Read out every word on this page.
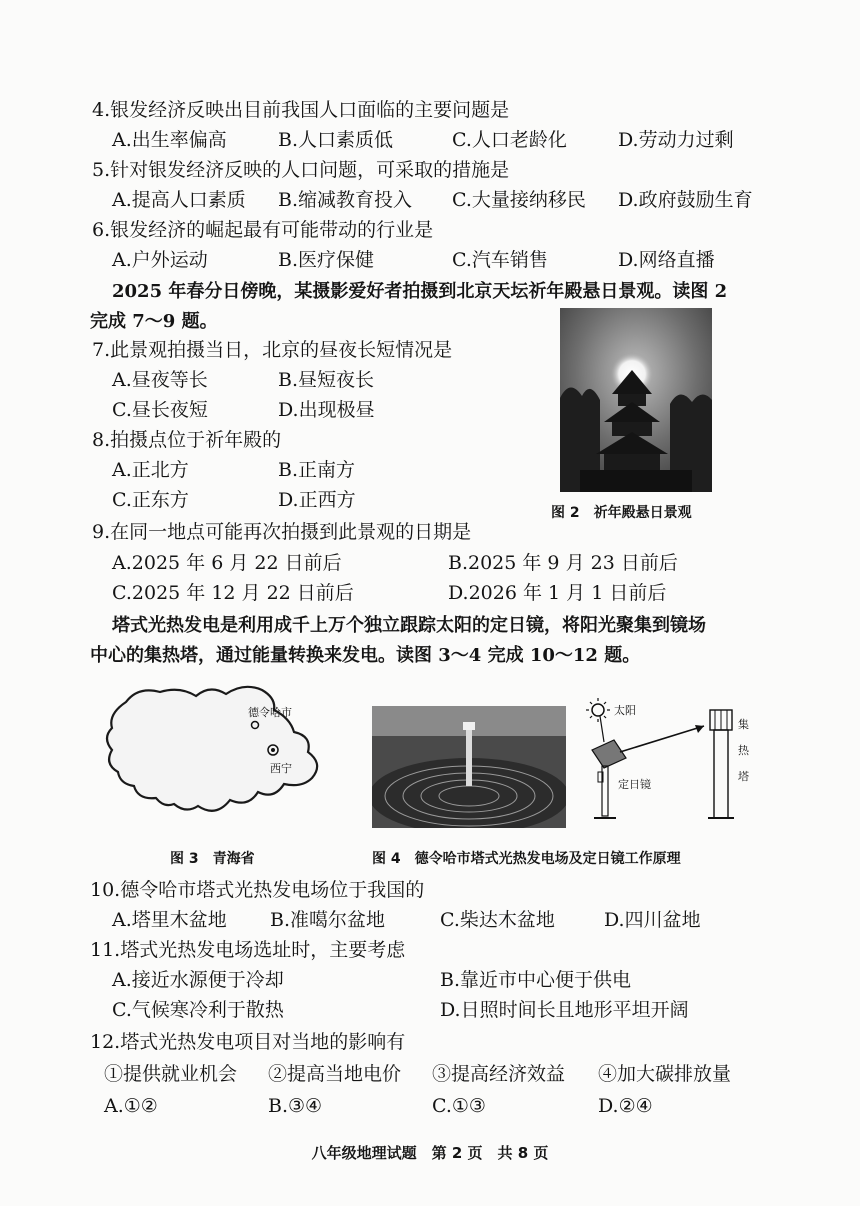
4.银发经济反映出目前我国人口面临的主要问题是
A.出生率偏高	B.人口素质低	C.人口老龄化	D.劳动力过剩
5.针对银发经济反映的人口问题，可采取的措施是
A.提高人口素质 B.缩减教育投入 C.大量接纳移民 D.政府鼓励生育
6.银发经济的崛起最有可能带动的行业是
A.户外运动	B.医疗保健	C.汽车销售	D.网络直播
2025 年春分日傍晚，某摄影爱好者拍摄到北京天坛祈年殿悬日景观。读图 2
完成 7～9 题。
7.此景观拍摄当日，北京的昼夜长短情况是
A.昼夜等长	B.昼短夜长
C.昼长夜短	D.出现极昼
8.拍摄点位于祈年殿的
A.正北方	B.正南方
C.正东方	D.正西方
图 2　祈年殿悬日景观
9.在同一地点可能再次拍摄到此景观的日期是
A.2025 年 6 月 22 日前后	B.2025 年 9 月 23 日前后
C.2025 年 12 月 22 日前后	D.2026 年 1 月 1 日前后
塔式光热发电是利用成千上万个独立跟踪太阳的定日镜，将阳光聚集到镜场
中心的集热塔，通过能量转换来发电。读图 3～4 完成 10～12 题。
德令哈市
西宁
图 3　青海省
太阳
定日镜
集
热
塔
图 4　德令哈市塔式光热发电场及定日镜工作原理
10.德令哈市塔式光热发电场位于我国的
A.塔里木盆地 B.准噶尔盆地	C.柴达木盆地	D.四川盆地
11.塔式光热发电场选址时，主要考虑
A.接近水源便于冷却	B.靠近市中心便于供电
C.气候寒冷利于散热	D.日照时间长且地形平坦开阔
12.塔式光热发电项目对当地的影响有
①提供就业机会 ②提高当地电价 ③提高经济效益 ④加大碳排放量
A.①②	B.③④	C.①③	D.②④
八年级地理试题　第 2 页　共 8 页
